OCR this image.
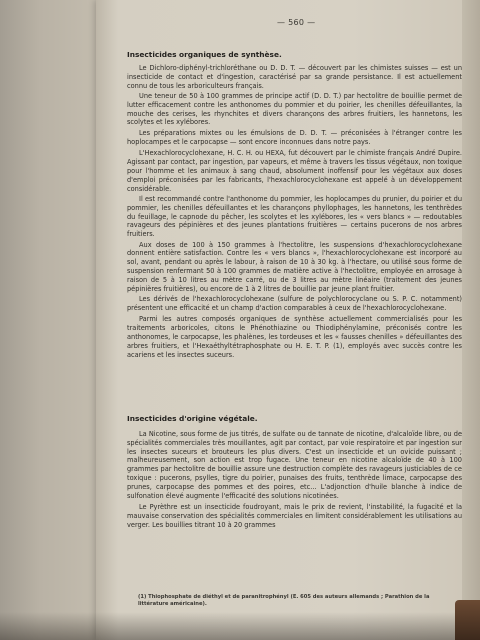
— 560 —
Insecticides organiques de synthèse.

Le Dichloro-diphényl-trichloréthane ou D. D. T. — découvert par les chimistes suisses — est un insecticide de contact et d'ingestion, caractérisé par sa grande persistance. Il est actuellement connu de tous les arboriculteurs français.

Une teneur de 50 à 100 grammes de principe actif (D. D. T.) par hectolitre de bouillie permet de lutter efficacement contre les anthonomes du pommier et du poirier, les chenilles défeuillantes, la mouche des cerises, les rhynchites et divers charançons des arbres fruitiers, les hannetons, les scolytes et les xylébores.

Les préparations mixtes ou les émulsions de D. D. T. — préconisées à l'étranger contre les hoplocampes et le carpocapse — sont encore inconnues dans notre pays.

L'Hexachlorocyclohexane, H. C. H. ou HEXA, fut découvert par le chimiste français André Dupire. Agissant par contact, par ingestion, par vapeurs, et même à travers les tissus végétaux, non toxique pour l'homme et les animaux à sang chaud, absolument inoffensif pour les végétaux aux doses d'emploi préconisées par les fabricants, l'hexachlorocyclohexane est appelé à un développement considérable.

Il est recommandé contre l'anthonome du pommier, les hoplocampes du prunier, du poirier et du pommier, les chenilles défeuillantes et les charançons phyllophages, les hannetons, les tenthrèdes du feuillage, le capnode du pêcher, les scolytes et les xylébores, les « vers blancs » — redoutables ravageurs des pépinières et des jeunes plantations fruitières — certains pucerons de nos arbres fruitiers.

Aux doses de 100 à 150 grammes à l'hectolitre, les suspensions d'hexachlorocyclohexane donnent entière satisfaction. Contre les « vers blancs », l'hexachlorocyclohexane est incorporé au sol, avant, pendant ou après le labour, à raison de 10 à 30 kg. à l'hectare, ou utilisé sous forme de suspension renfermant 50 à 100 grammes de matière active à l'hectolitre, employée en arrosage à raison de 5 à 10 litres au mètre carré, ou de 3 litres au mètre linéaire (traitement des jeunes pépinières fruitières), ou encore de 1 à 2 litres de bouillie par jeune plant fruitier.

Les dérivés de l'hexachlorocyclohexane (sulfure de polychlorocyclane ou S. P. C. notamment) présentent une efficacité et un champ d'action comparables à ceux de l'hexachlorocyclohexane.

Parmi les autres composés organiques de synthèse actuellement commercialisés pour les traitements arboricoles, citons le Phénothiazine ou Thiodiphénylamine, préconisés contre les anthonomes, le carpocapse, les phalènes, les tordeuses et les « fausses chenilles » défeuillantes des arbres fruitiers, et l'Hexaéthyltétraphosphate ou H. E. T. P. (1), employés avec succès contre les acariens et les insectes suceurs.

Insecticides d'origine végétale.

La Nicotine, sous forme de jus titrés, de sulfate ou de tannate de nicotine, d'alcaloïde libre, ou de spécialités commerciales très mouillantes, agit par contact, par voie respiratoire et par ingestion sur les insectes suceurs et brouteurs les plus divers. C'est un insecticide et un ovicide puissant ; malheureusement, son action est trop fugace. Une teneur en nicotine alcaloïde de 40 à 100 grammes par hectolitre de bouillie assure une destruction complète des ravageurs justiciables de ce toxique : pucerons, psylles, tigre du poirier, punaises des fruits, tenthrède limace, carpocapse des prunes, carpocapse des pommes et des poires, etc... L'adjonction d'huile blanche à indice de sulfonation élevé augmente l'efficacité des solutions nicotinées.

Le Pyrèthre est un insecticide foudroyant, mais le prix de revient, l'instabilité, la fugacité et la mauvaise conservation des spécialités commerciales en limitent considérablement les utilisations au verger. Les bouillies titrant 10 à 20 grammes

(1) Thiophosphate de diéthyl et de paranitrophényl (E. 605 des auteurs allemands ; Parathion de la littérature américaine).
